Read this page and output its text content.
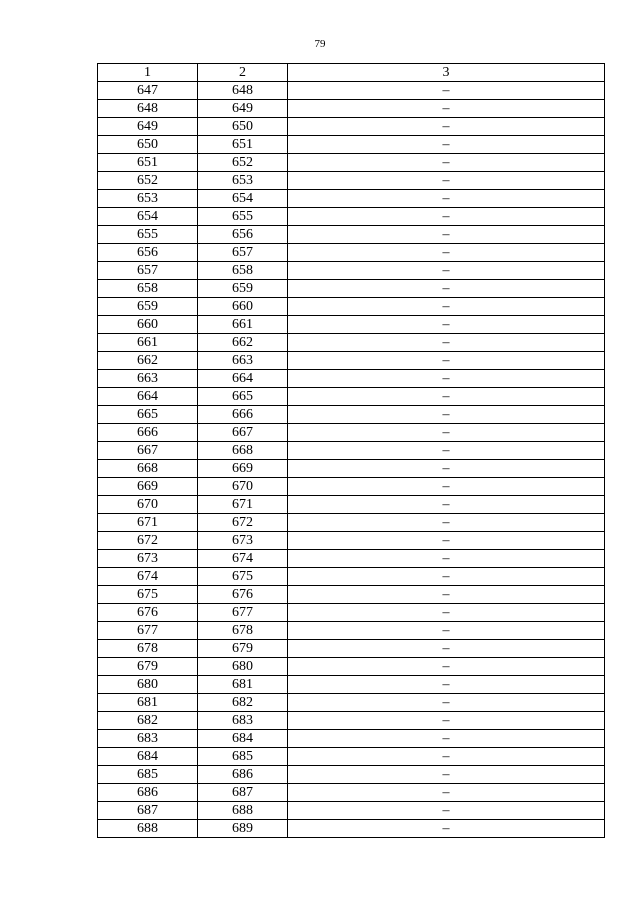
79
1	2	3
647	648	–
648	649	–
649	650	–
650	651	–
651	652	–
652	653	–
653	654	–
654	655	–
655	656	–
656	657	–
657	658	–
658	659	–
659	660	–
660	661	–
661	662	–
662	663	–
663	664	–
664	665	–
665	666	–
666	667	–
667	668	–
668	669	–
669	670	–
670	671	–
671	672	–
672	673	–
673	674	–
674	675	–
675	676	–
676	677	–
677	678	–
678	679	–
679	680	–
680	681	–
681	682	–
682	683	–
683	684	–
684	685	–
685	686	–
686	687	–
687	688	–
688	689	–
